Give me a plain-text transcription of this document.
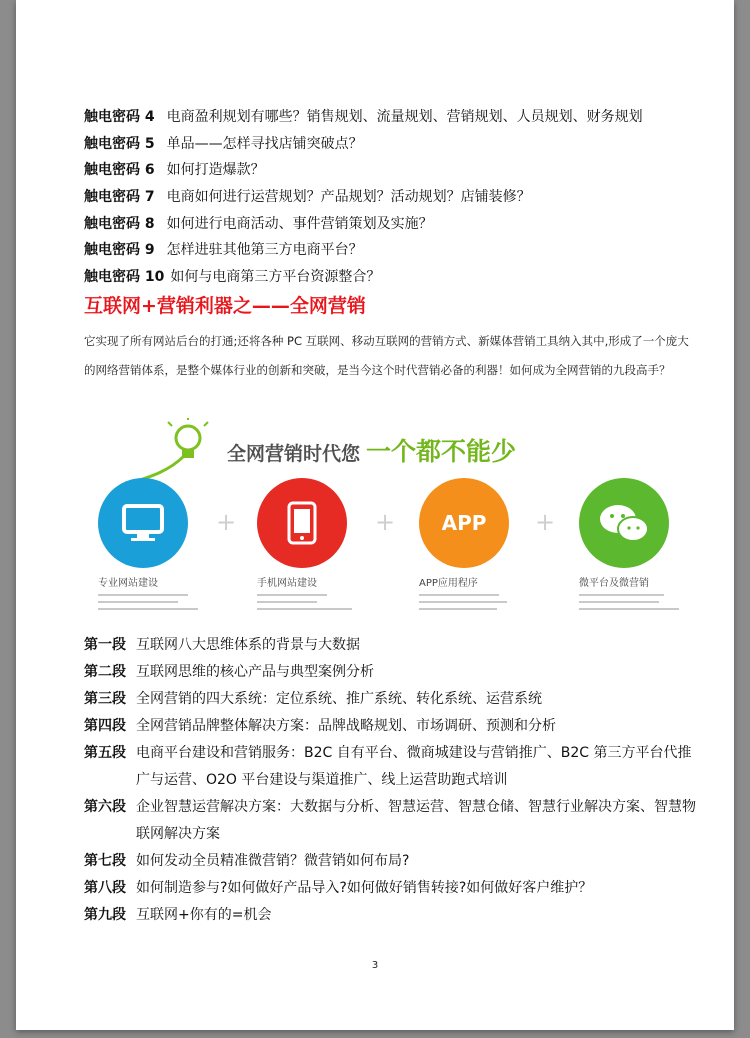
触电密码 4 电商盈利规划有哪些？销售规划、流量规划、营销规划、人员规划、财务规划
触电密码 5 单品——怎样寻找店铺突破点？
触电密码 6 如何打造爆款？
触电密码 7 电商如何进行运营规划？产品规划？活动规划？店铺装修？
触电密码 8 如何进行电商活动、事件营销策划及实施？
触电密码 9 怎样进驻其他第三方电商平台？
触电密码 10 如何与电商第三方平台资源整合？
互联网+营销利器之——全网营销
它实现了所有网站后台的打通;还将各种 PC 互联网、移动互联网的营销方式、新媒体营销工具纳入其中,形成了一个庞大的网络营销体系，是整个媒体行业的创新和突破，是当今这个时代营销必备的利器！如何成为全网营销的九段高手？
全网营销时代您 一个都不能少
专业网站建设
+
手机网站建设
+ APP
APP应用程序
+
微平台及微营销
第一段 互联网八大思维体系的背景与大数据
第二段 互联网思维的核心产品与典型案例分析
第三段 全网营销的四大系统：定位系统、推广系统、转化系统、运营系统
第四段 全网营销品牌整体解决方案：品牌战略规划、市场调研、预测和分析
第五段 电商平台建设和营销服务：B2C 自有平台、微商城建设与营销推广、B2C 第三方平台代推广与运营、O2O 平台建设与渠道推广、线上运营助跑式培训
第六段 企业智慧运营解决方案：大数据与分析、智慧运营、智慧仓储、智慧行业解决方案、智慧物联网解决方案
第七段 如何发动全员精准微营销？微营销如何布局?
第八段 如何制造参与?如何做好产品导入?如何做好销售转接?如何做好客户维护？
第九段 互联网+你有的=机会
3
